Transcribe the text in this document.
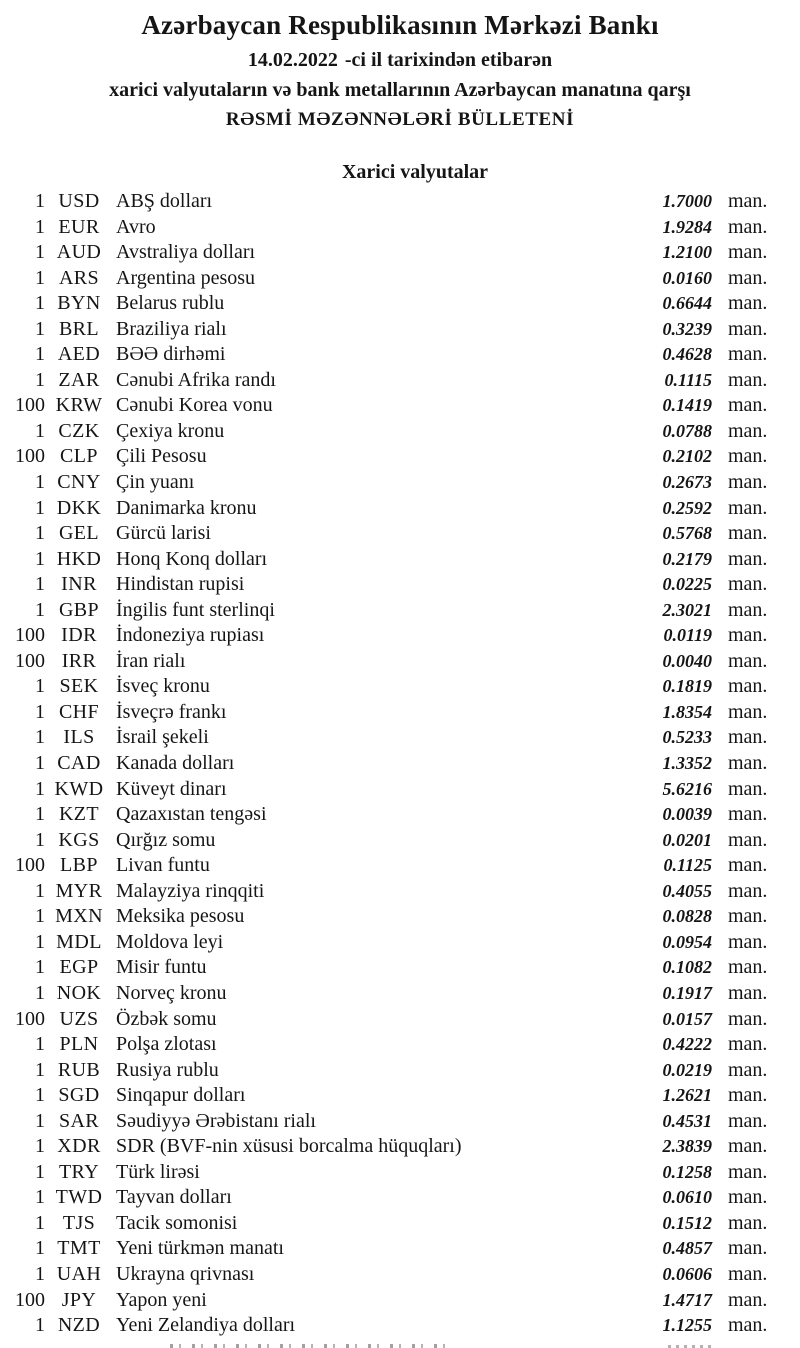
Azərbaycan Respublikasının Mərkəzi Bankı
14.02.2022 -ci il tarixindən etibarən
xarici valyutaların və bank metallarının Azərbaycan manatına qarşı
RƏSMİ MƏZƏNNƏLƏRİ BÜLLETENİ
Xarici valyutalar
1 USD ABŞ dolları	1.7000 man.
1 EUR Avro	1.9284 man.
1 AUD Avstraliya dolları	1.2100 man.
1 ARS Argentina pesosu	0.0160 man.
1 BYN Belarus rublu	0.6644 man.
1 BRL Braziliya rialı	0.3239 man.
1 AED BƏƏ dirhəmi	0.4628 man.
1 ZAR Cənubi Afrika randı	0.1115 man.
100 KRW Cənubi Korea vonu	0.1419 man.
1 CZK Çexiya kronu	0.0788 man.
100 CLP Çili Pesosu	0.2102 man.
1 CNY Çin yuanı	0.2673 man.
1 DKK Danimarka kronu	0.2592 man.
1 GEL Gürcü larisi	0.5768 man.
1 HKD Honq Konq dolları	0.2179 man.
1 INR Hindistan rupisi	0.0225 man.
1 GBP İngilis funt sterlinqi	2.3021 man.
100 IDR İndoneziya rupiası	0.0119 man.
100 IRR İran rialı	0.0040 man.
1 SEK İsveç kronu	0.1819 man.
1 CHF İsveçrə frankı	1.8354 man.
1 ILS	İsrail şekeli	0.5233 man.
1 CAD Kanada dolları	1.3352 man.
1 KWD Küveyt dinarı	5.6216 man.
1 KZT Qazaxıstan tengəsi	0.0039 man.
1 KGS Qırğız somu	0.0201 man.
100 LBP Livan funtu	0.1125 man.
1 MYR Malayziya rinqqiti	0.4055 man.
1 MXN Meksika pesosu	0.0828 man.
1 MDL Moldova leyi	0.0954 man.
1 EGP Misir funtu	0.1082 man.
1 NOK Norveç kronu	0.1917 man.
100 UZS Özbək somu	0.0157 man.
1 PLN Polşa zlotası	0.4222 man.
1 RUB Rusiya rublu	0.0219 man.
1 SGD Sinqapur dolları	1.2621 man.
1 SAR Səudiyyə Ərəbistanı rialı	0.4531 man.
1 XDR SDR (BVF-nin xüsusi borcalma hüquqları)	2.3839 man.
1 TRY Türk lirəsi	0.1258 man.
1 TWD Tayvan dolları	0.0610 man.
1 TJS	Tacik somonisi	0.1512 man.
1 TMT Yeni türkmən manatı	0.4857 man.
1 UAH Ukrayna qrivnası	0.0606 man.
100 JPY Yapon yeni	1.4717 man.
1 NZD Yeni Zelandiya dolları	1.1255 man.
